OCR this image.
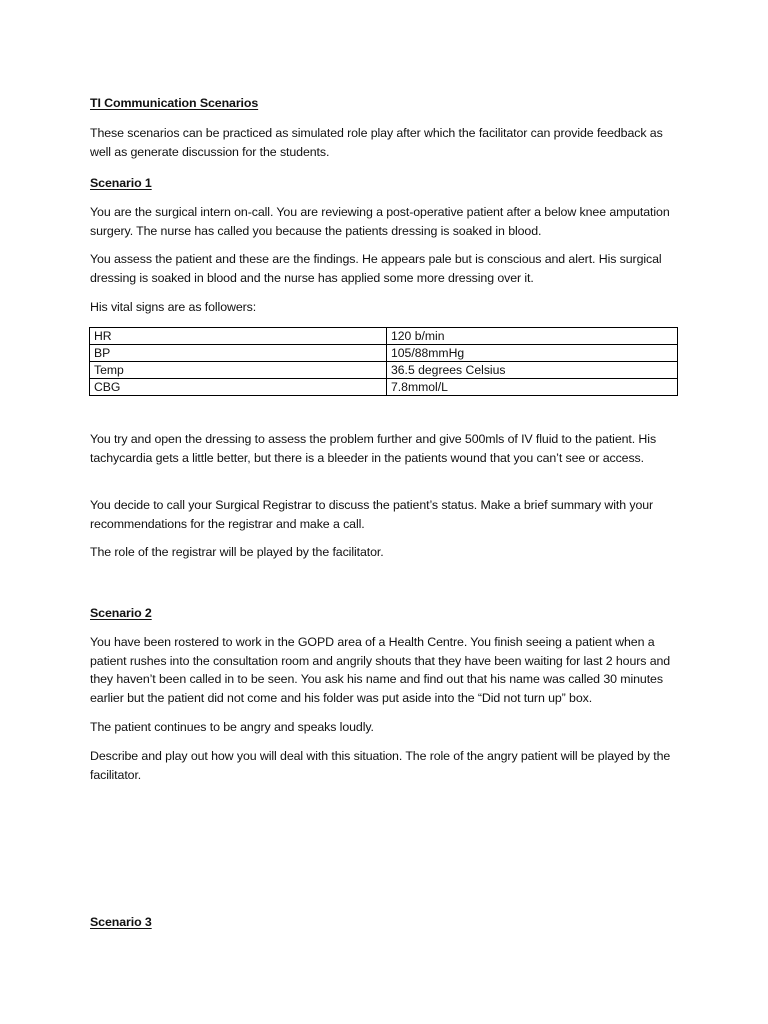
TI Communication Scenarios

These scenarios can be practiced as simulated role play after which the facilitator can provide feedback as well as generate discussion for the students.

Scenario 1

You are the surgical intern on-call. You are reviewing a post-operative patient after a below knee amputation surgery. The nurse has called you because the patients dressing is soaked in blood.

You assess the patient and these are the findings. He appears pale but is conscious and alert. His surgical dressing is soaked in blood and the nurse has applied some more dressing over it.

His vital signs are as followers:

HR	120 b/min
BP	105/88mmHg
Temp	36.5 degrees Celsius
CBG	7.8mmol/L

You try and open the dressing to assess the problem further and give 500mls of IV fluid to the patient. His tachycardia gets a little better, but there is a bleeder in the patients wound that you can’t see or access.

You decide to call your Surgical Registrar to discuss the patient’s status. Make a brief summary with your recommendations for the registrar and make a call.

The role of the registrar will be played by the facilitator.

Scenario 2

You have been rostered to work in the GOPD area of a Health Centre. You finish seeing a patient when a patient rushes into the consultation room and angrily shouts that they have been waiting for last 2 hours and they haven’t been called in to be seen. You ask his name and find out that his name was called 30 minutes earlier but the patient did not come and his folder was put aside into the “Did not turn up” box.

The patient continues to be angry and speaks loudly.

Describe and play out how you will deal with this situation. The role of the angry patient will be played by the facilitator.

Scenario 3
